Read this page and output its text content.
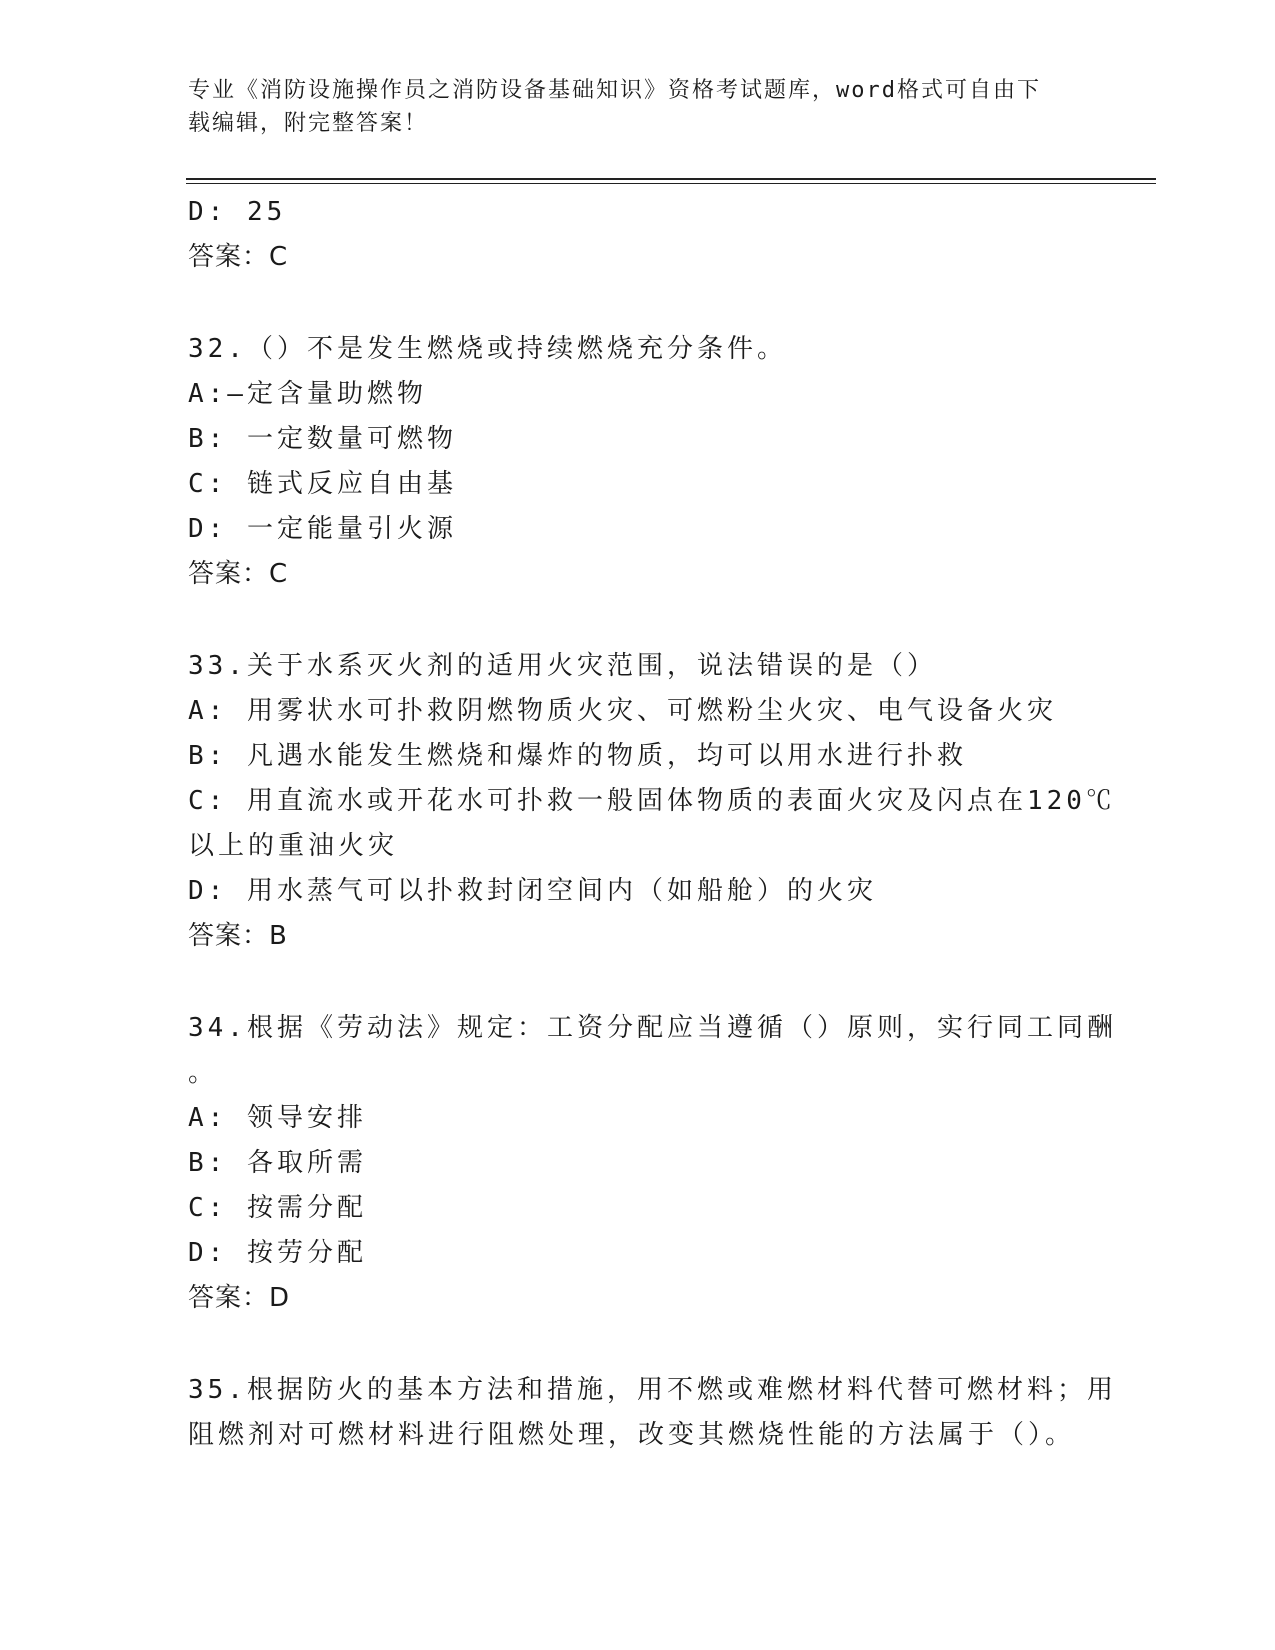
专业《消防设施操作员之消防设备基础知识》资格考试题库，word格式可自由下
载编辑，附完整答案！
D: 25
答案：C
32.（）不是发生燃烧或持续燃烧充分条件。
A:—定含量助燃物
B: 一定数量可燃物
C: 链式反应自由基
D: 一定能量引火源
答案：C
33.关于水系灭火剂的适用火灾范围，说法错误的是（）
A: 用雾状水可扑救阴燃物质火灾、可燃粉尘火灾、电气设备火灾
B: 凡遇水能发生燃烧和爆炸的物质，均可以用水进行扑救
C: 用直流水或开花水可扑救一般固体物质的表面火灾及闪点在120℃
以上的重油火灾
D: 用水蒸气可以扑救封闭空间内（如船舱）的火灾
答案：B
34.根据《劳动法》规定：工资分配应当遵循（）原则，实行同工同酬
。
A: 领导安排
B: 各取所需
C: 按需分配
D: 按劳分配
答案：D
35.根据防火的基本方法和措施，用不燃或难燃材料代替可燃材料；用
阻燃剂对可燃材料进行阻燃处理，改变其燃烧性能的方法属于（）。
